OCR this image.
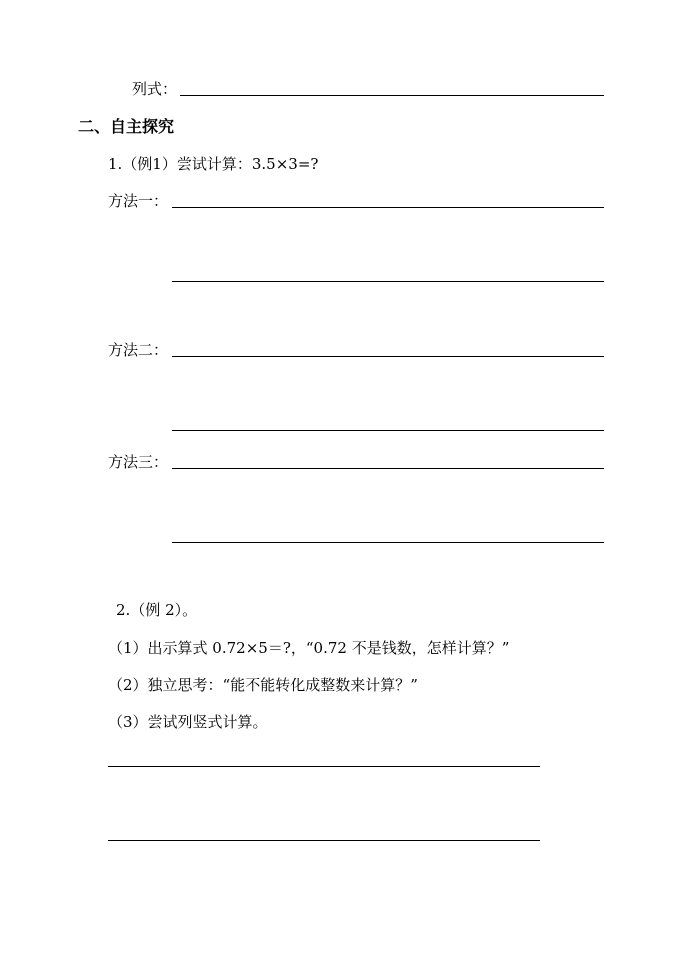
列式：
二、自主探究
1.（例1）尝试计算：3.5×3=?
方法一：
方法二：
方法三：
2.（例 2）。
（1）出示算式 0.72×5＝?，“0.72 不是钱数，怎样计算？”
（2）独立思考：“能不能转化成整数来计算？”
（3）尝试列竖式计算。
